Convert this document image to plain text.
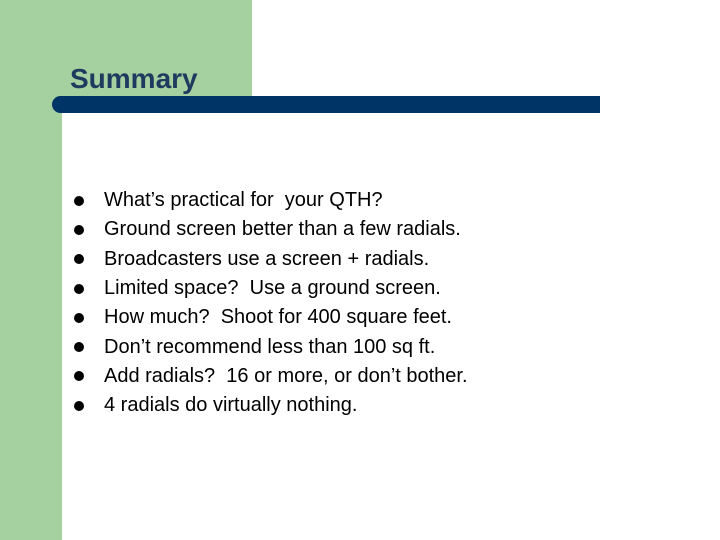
Summary
What’s practical for  your QTH?
Ground screen better than a few radials.
Broadcasters use a screen + radials.
Limited space?  Use a ground screen.
How much?  Shoot for 400 square feet.
Don’t recommend less than 100 sq ft.
Add radials?  16 or more, or don’t bother.
4 radials do virtually nothing.
